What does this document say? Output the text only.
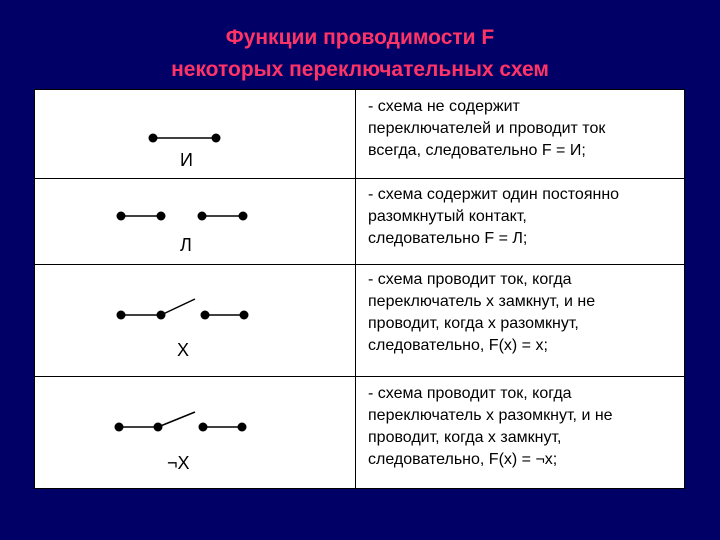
Функции проводимости F
некоторых переключательных схем
И
- схема не содержит
переключателей и проводит ток
всегда, следовательно F = И;
Л
- схема содержит один постоянно
разомкнутый контакт,
следовательно F = Л;
X
- схема проводит ток, когда
переключатель x замкнут, и не
проводит, когда x разомкнут,
следовательно, F(x) = x;
¬X
- схема проводит ток, когда
переключатель x разомкнут, и не
проводит, когда x замкнут,
следовательно, F(x) = ¬x;
